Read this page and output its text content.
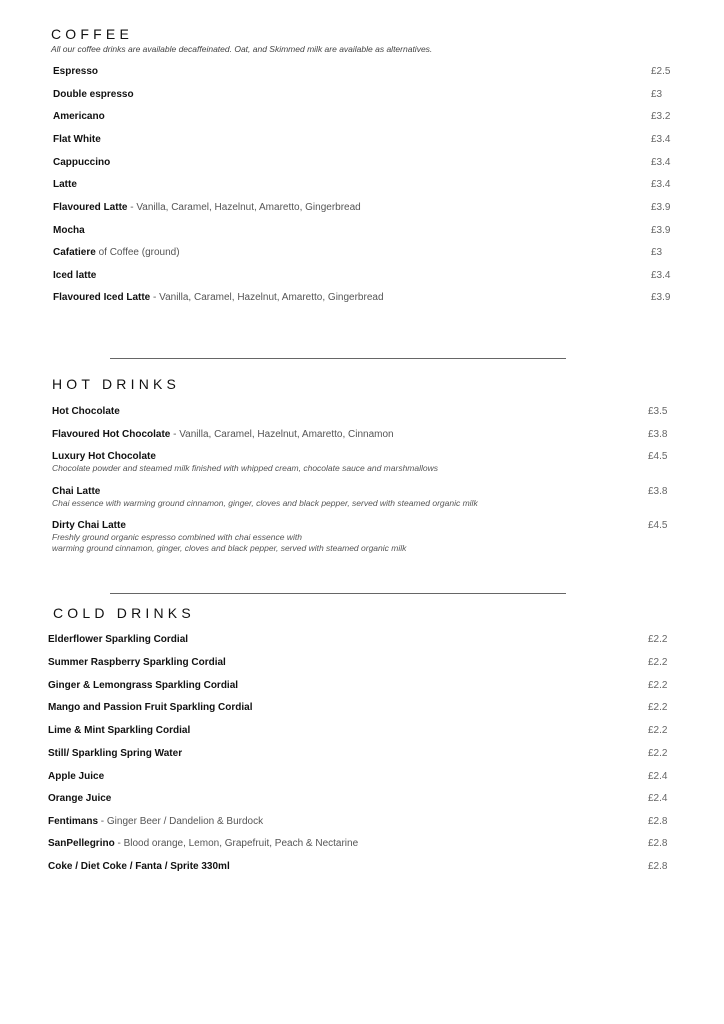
COFFEE
All our coffee drinks are available decaffeinated. Oat, and Skimmed milk are available as alternatives.
Espresso	£2.5
Double espresso	£3
Americano	£3.2
Flat White	£3.4
Cappuccino	£3.4
Latte	£3.4
Flavoured Latte - Vanilla, Caramel, Hazelnut, Amaretto, Gingerbread	£3.9
Mocha	£3.9
Cafatiere of Coffee (ground)	£3
Iced latte	£3.4
Flavoured Iced Latte - Vanilla, Caramel, Hazelnut, Amaretto, Gingerbread	£3.9
HOT DRINKS
Hot Chocolate	£3.5
Flavoured Hot Chocolate - Vanilla, Caramel, Hazelnut, Amaretto, Cinnamon	£3.8
Luxury Hot Chocolate	£4.5
Chocolate powder and steamed milk finished with whipped cream, chocolate sauce and marshmallows
Chai Latte	£3.8
Chai essence with warming ground cinnamon, ginger, cloves and black pepper, served with steamed organic milk
Dirty Chai Latte	£4.5
Freshly ground organic espresso combined with chai essence with
warming ground cinnamon, ginger, cloves and black pepper, served with steamed organic milk
COLD DRINKS
Elderflower Sparkling Cordial	£2.2
Summer Raspberry Sparkling Cordial	£2.2
Ginger & Lemongrass Sparkling Cordial	£2.2
Mango and Passion Fruit Sparkling Cordial	£2.2
Lime & Mint Sparkling Cordial	£2.2
Still/ Sparkling Spring Water	£2.2
Apple Juice	£2.4
Orange Juice	£2.4
Fentimans - Ginger Beer / Dandelion & Burdock	£2.8
SanPellegrino - Blood orange, Lemon, Grapefruit, Peach & Nectarine	£2.8
Coke / Diet Coke / Fanta / Sprite 330ml	£2.8
